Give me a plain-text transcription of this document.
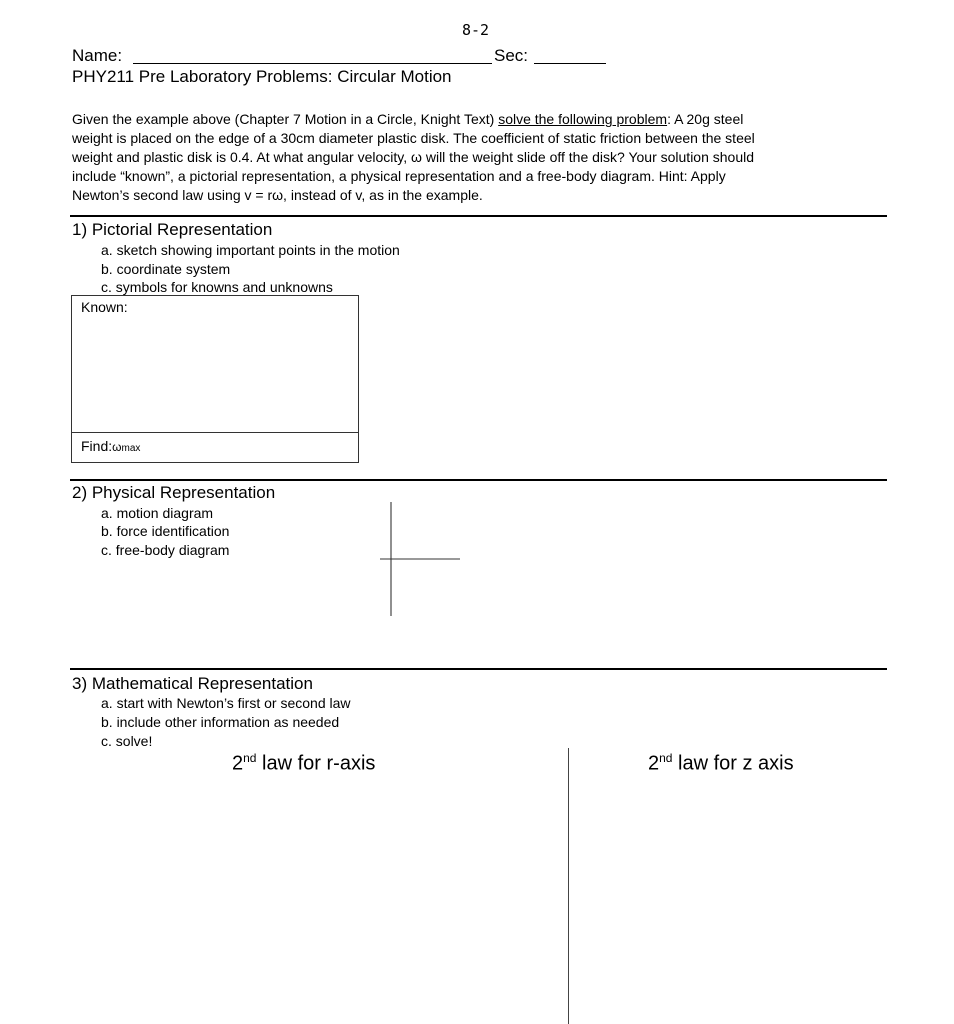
8-2
Name:	Sec:
PHY211 Pre Laboratory Problems: Circular Motion
Given the example above (Chapter 7 Motion in a Circle, Knight Text) solve the following problem: A 20g steel
weight is placed on the edge of a 30cm diameter plastic disk. The coefficient of static friction between the steel
weight and plastic disk is 0.4. At what angular velocity, ω will the weight slide off the disk? Your solution should
include “known”, a pictorial representation, a physical representation and a free-body diagram. Hint: Apply
Newton’s second law using v = rω, instead of v, as in the example.
1) Pictorial Representation
a. sketch showing important points in the motion
b. coordinate system
c. symbols for knowns and unknowns
Known:
Find:ωmax
2) Physical Representation
a. motion diagram
b. force identification
c. free-body diagram
3) Mathematical Representation
a. start with Newton’s first or second law
b. include other information as needed
c. solve!
2nd law for r-axis	2nd law for z axis
